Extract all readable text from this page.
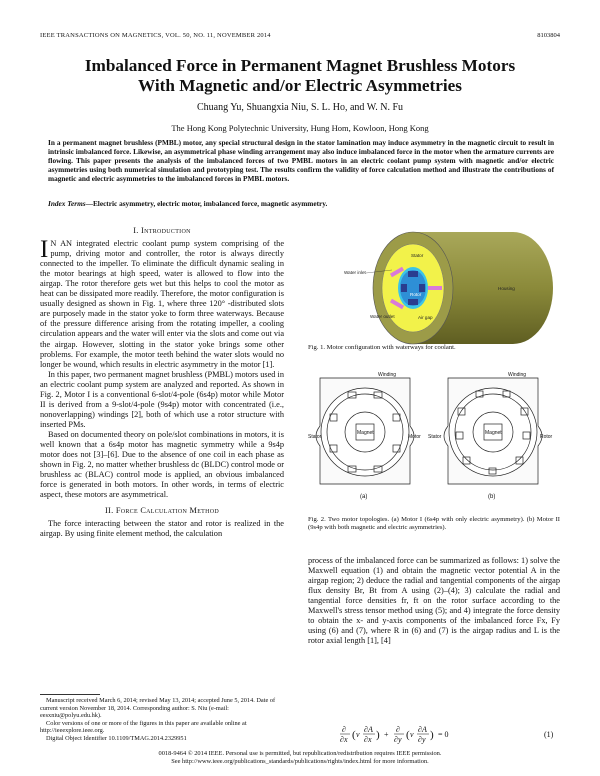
IEEE TRANSACTIONS ON MAGNETICS, VOL. 50, NO. 11, NOVEMBER 2014	8103804
Imbalanced Force in Permanent Magnet Brushless Motors
With Magnetic and/or Electric Asymmetries
Chuang Yu, Shuangxia Niu, S. L. Ho, and W. N. Fu
The Hong Kong Polytechnic University, Hung Hom, Kowloon, Hong Kong
In a permanent magnet brushless (PMBL) motor, any special structural design in the stator lamination may induce asymmetry in the magnetic circuit to result in intrinsic imbalanced force. Likewise, an asymmetrical phase winding arrangement may also induce imbalanced force in the motor when the armature currents are flowing. This paper presents the analysis of the imbalanced forces of two PMBL motors in an electric coolant pump system with magnetic and/or electric asymmetries using both numerical simulation and prototyping test. The results confirm the validity of force calculation method and illustrate the contributions of magnetic and electric asymmetries to the imbalanced forces in PMBL motors.
Index Terms—Electric asymmetry, electric motor, imbalanced force, magnetic asymmetry.
I. Introduction

I N AN integrated electric coolant pump system comprising of the pump, driving motor and controller, the rotor is always directly connected to the impeller. To eliminate the difficult dynamic sealing in the motor bearings at high speed, water is allowed to flow into the airgap. The rotor therefore gets wet but this helps to cool the motor as heat can be dissipated more readily. Therefore, the motor configuration is usually designed as shown in Fig. 1, where three 120° -distributed slots are purposely made in the stator yoke to form three waterways. Because of the pressure difference arising from the rotating impeller, a cooling circulation appears and the water will enter via the slots and come out via the airgap. However, slotting in the stator yoke brings some other problems. For example, the motor teeth behind the water slots would no longer be wound, which results in electric asymmetry in the motor [1].

In this paper, two permanent magnet brushless (PMBL) motors used in an electric coolant pump system are analyzed and reported. As shown in Fig. 2, Motor I is a conventional 6-slot/4-pole (6s4p) motor while Motor II is derived from a 9-slot/4-pole (9s4p) motor with concentrated (i.e., nonoverlapping) windings [2], both of which use a rotor structure with inserted PMs.

Based on documented theory on pole/slot combinations in motors, it is well known that a 6s4p motor has magnetic symmetry while a 9s4p motor does not [3]–[6]. Due to the absence of one coil in each phase as shown in Fig. 2, no matter whether brushless dc (BLDC) control mode or brushless ac (BLAC) control mode is applied, an obvious imbalanced force is generated in both motors. In other words, in terms of electric aspect, these motors are asymmetrical.

II. Force Calculation Method

The force interacting between the stator and rotor is realized in the airgap. By using finite element method, the calculation

Manuscript received March 6, 2014; revised May 13, 2014; accepted June 5, 2014. Date of current version November 18, 2014. Corresponding author: S. Niu (e-mail: eesxniu@polyu.edu.hk).
Color versions of one or more of the figures in this paper are available online at http://ieeexplore.ieee.org.
Digital Object Identifier 10.1109/TMAG.2014.2329951
Water inlet
Stator
Housing
Rotor
Water outlet	Air gap
Fig. 1. Motor configuration with waterways for coolant.
Winding
Magnet
Stator	Motor
(a)
Winding
Magnet
Stator	Rotor
(b)
Fig. 2. Two motor topologies. (a) Motor I (6s4p with only electric asymmetry). (b) Motor II (9s4p with both magnetic and electric asymmetries).

process of the imbalanced force can be summarized as follows: 1) solve the Maxwell equation (1) and obtain the magnetic vector potential A in the airgap region; 2) deduce the radial and tangential components of the airgap flux density Br, Bt from A using (2)–(4); 3) calculate the radial and tangential force densities fr, ft on the rotor surface according to the Maxwell's stress tensor method using (5); and 4) integrate the force density to obtain the x- and y-axis components of the imbalanced force Fx, Fy using (6) and (7), where R in (6) and (7) is the airgap radius and L is the rotor axial length [1], [4]

∂
∂x ( v
∂A
∂x ) +
∂
∂y ( v
∂A
∂y ) = 0	(1)
0018-9464 © 2014 IEEE. Personal use is permitted, but republication/redistribution requires IEEE permission.
See http://www.ieee.org/publications_standards/publications/rights/index.html for more information.
